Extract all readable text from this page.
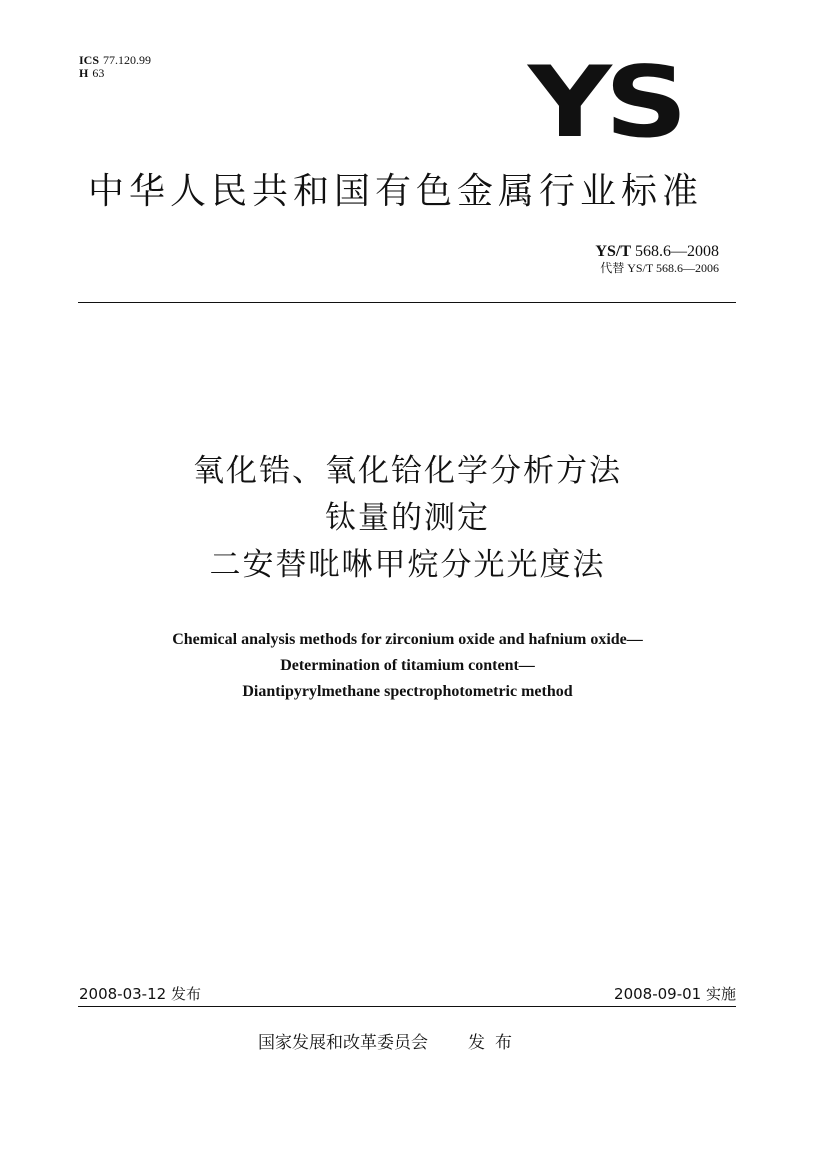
ICS 77.120.99
H 63	YS
中华人民共和国有色金属行业标准
YS/T 568.6—2008
代替 YS/T 568.6—2006
氧化锆、氧化铪化学分析方法
钛量的测定
二安替吡啉甲烷分光光度法
Chemical analysis methods for zirconium oxide and hafnium oxide—
Determination of titamium content—
Diantipyrylmethane spectrophotometric method
2008-03-12 发布	2008-09-01 实施
国家发展和改革委员会 发布
